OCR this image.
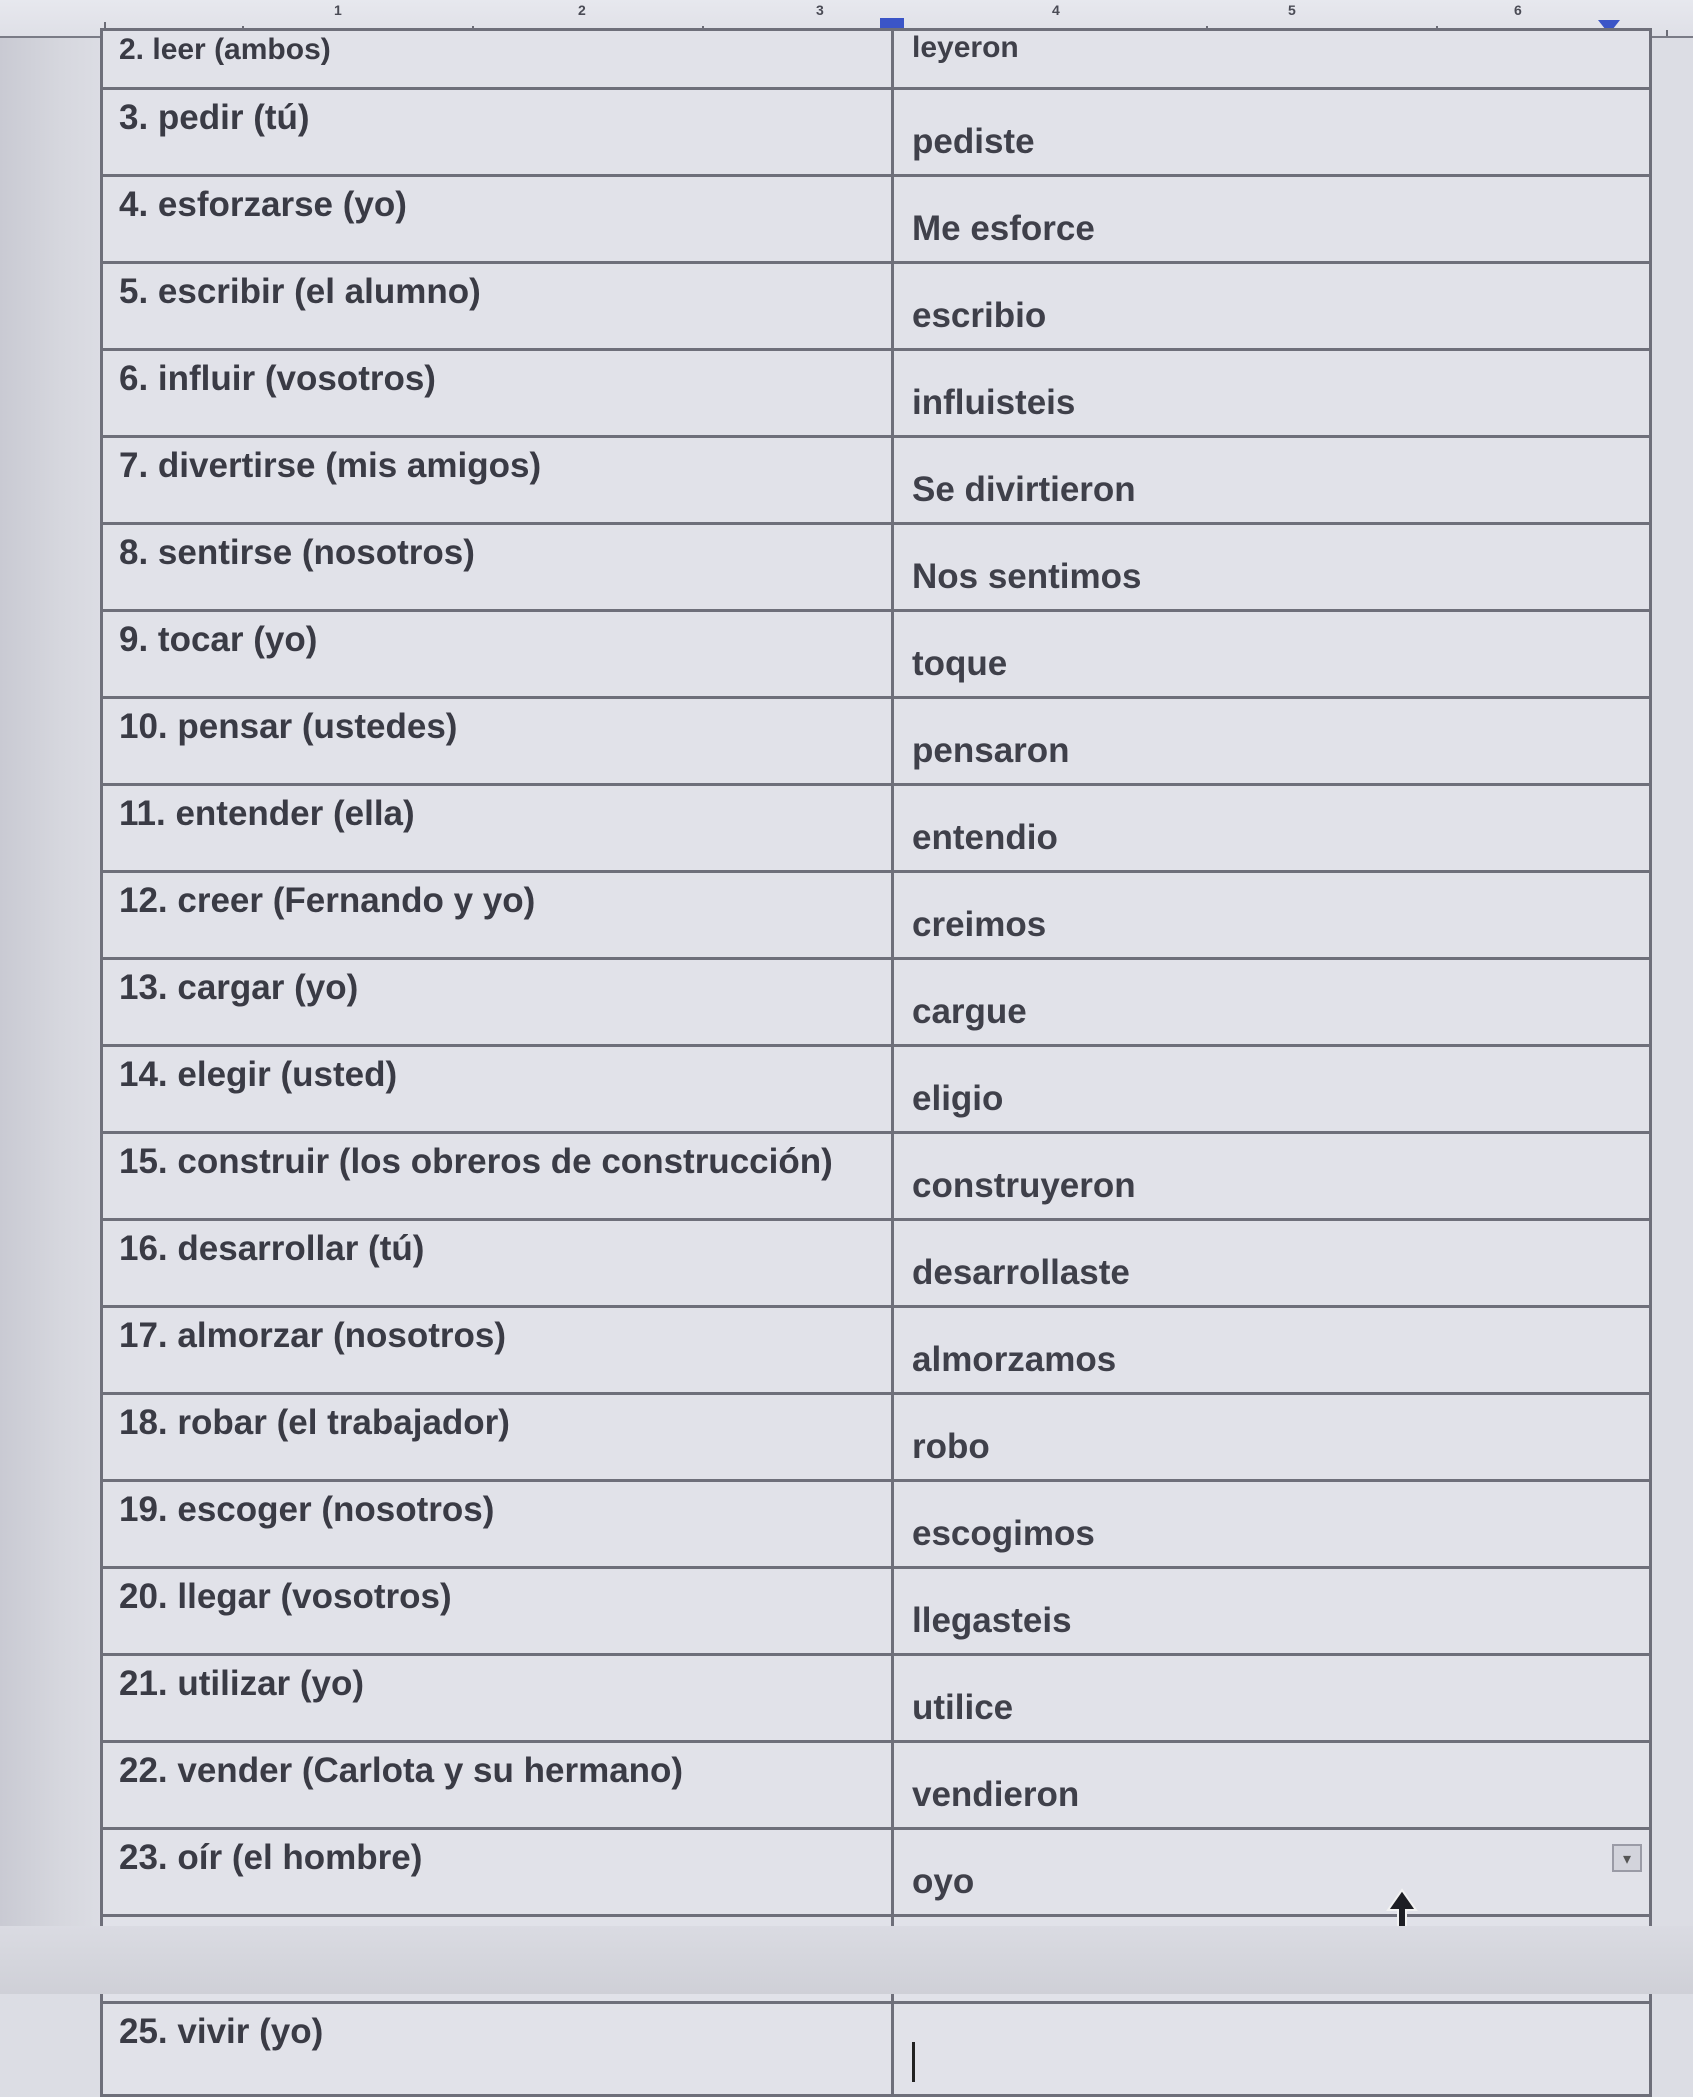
1	2	3	4	5	6
2. leer (ambos)	leyeron
3. pedir (tú)	pediste
4. esforzarse (yo)	Me esforce
5. escribir (el alumno)	escribio
6. influir (vosotros)	influisteis
7. divertirse (mis amigos)	Se divirtieron
8. sentirse (nosotros)	Nos sentimos
9. tocar (yo)	toque
10. pensar (ustedes)	pensaron
11. entender (ella)	entendio
12. creer (Fernando y yo)	creimos
13. cargar (yo)	cargue
14. elegir (usted)	eligio
15. construir (los obreros de construcción)	construyeron
16. desarrollar (tú)	desarrollaste
17. almorzar (nosotros)	almorzamos
18. robar (el trabajador)	robo
19. escoger (nosotros)	escogimos
20. llegar (vosotros)	llegasteis
21. utilizar (yo)	utilice
22. vender (Carlota y su hermano)	vendieron
23. oír (el hombre)	oyo

25. vivir (yo)	
▾
